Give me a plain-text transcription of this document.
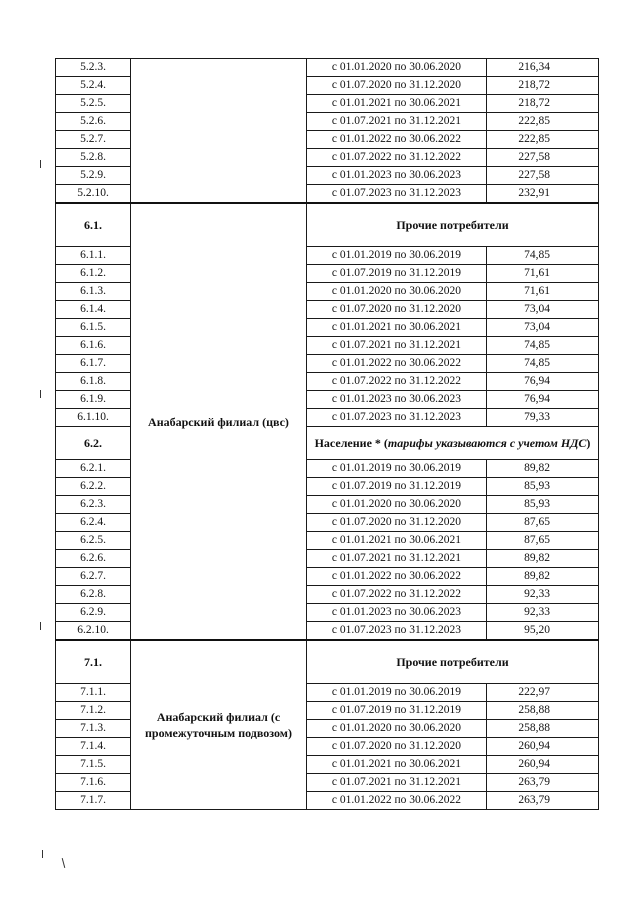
5.2.3.		с 01.01.2020 по 30.06.2020	216,34
5.2.4.		с 01.07.2020 по 31.12.2020	218,72
5.2.5.		с 01.01.2021 по 30.06.2021	218,72
5.2.6.		с 01.07.2021 по 31.12.2021	222,85
5.2.7.		с 01.01.2022 по 30.06.2022	222,85
5.2.8.		с 01.07.2022 по 31.12.2022	227,58
5.2.9.		с 01.01.2023 по 30.06.2023	227,58
5.2.10.		с 01.07.2023 по 31.12.2023	232,91
6.1.	Анабарский филиал (цвс)	Прочие потребители	
6.1.1.		с 01.01.2019 по 30.06.2019	74,85
6.1.2.		с 01.07.2019 по 31.12.2019	71,61
6.1.3.		с 01.01.2020 по 30.06.2020	71,61
6.1.4.		с 01.07.2020 по 31.12.2020	73,04
6.1.5.		с 01.01.2021 по 30.06.2021	73,04
6.1.6.		с 01.07.2021 по 31.12.2021	74,85
6.1.7.		с 01.01.2022 по 30.06.2022	74,85
6.1.8.		с 01.07.2022 по 31.12.2022	76,94
6.1.9.		с 01.01.2023 по 30.06.2023	76,94
6.1.10.		с 01.07.2023 по 31.12.2023	79,33
6.2.		Население * (тарифы указываются с учетом НДС)	
6.2.1.		с 01.01.2019 по 30.06.2019	89,82
6.2.2.		с 01.07.2019 по 31.12.2019	85,93
6.2.3.		с 01.01.2020 по 30.06.2020	85,93
6.2.4.		с 01.07.2020 по 31.12.2020	87,65
6.2.5.		с 01.01.2021 по 30.06.2021	87,65
6.2.6.		с 01.07.2021 по 31.12.2021	89,82
6.2.7.		с 01.01.2022 по 30.06.2022	89,82
6.2.8.		с 01.07.2022 по 31.12.2022	92,33
6.2.9.		с 01.01.2023 по 30.06.2023	92,33
6.2.10.		с 01.07.2023 по 31.12.2023	95,20
7.1.	Анабарский филиал (с промежуточным подвозом)	Прочие потребители	
7.1.1.		с 01.01.2019 по 30.06.2019	222,97
7.1.2.		с 01.07.2019 по 31.12.2019	258,88
7.1.3.		с 01.01.2020 по 30.06.2020	258,88
7.1.4.		с 01.07.2020 по 31.12.2020	260,94
7.1.5.		с 01.01.2021 по 30.06.2021	260,94
7.1.6.		с 01.07.2021 по 31.12.2021	263,79
7.1.7.		с 01.01.2022 по 30.06.2022	263,79
